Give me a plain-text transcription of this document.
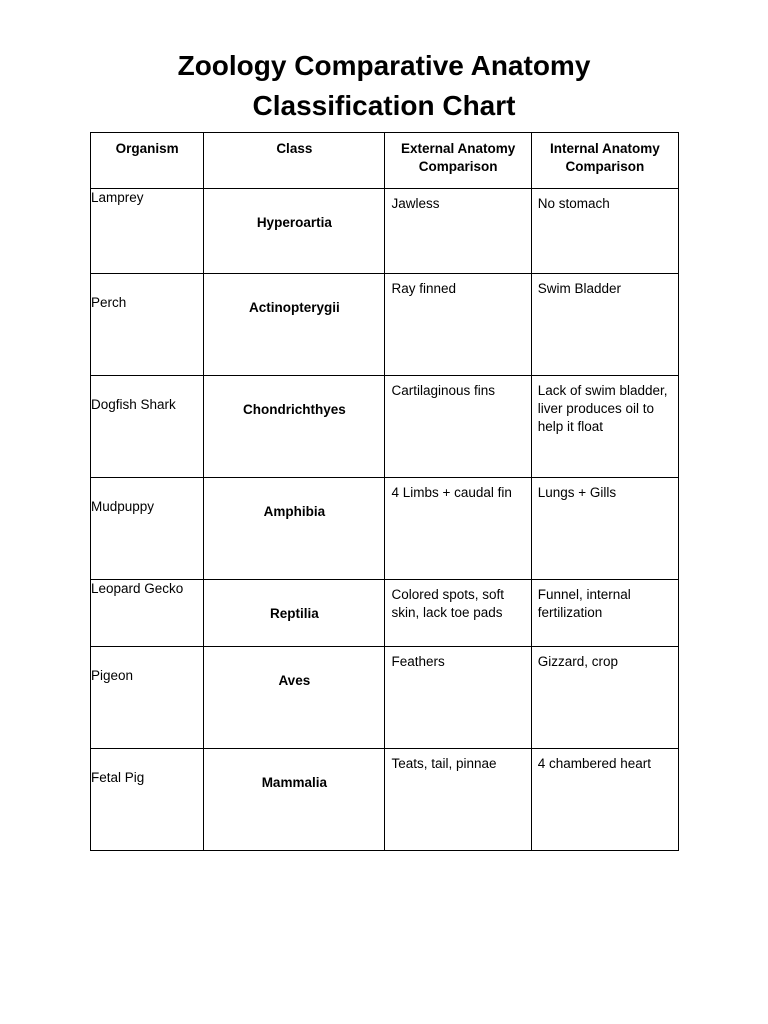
Zoology Comparative Anatomy
Classification Chart
Organism	Class	External Anatomy Comparison	Internal Anatomy Comparison

Lamprey	Hyperoartia	Jawless	No stomach

Perch	Actinopterygii	Ray finned	Swim Bladder

Dogfish Shark	Chondrichthyes	Cartilaginous fins	Lack of swim bladder, liver produces oil to help it float

Mudpuppy	Amphibia	4 Limbs + caudal fin	Lungs + Gills

Leopard Gecko	Reptilia	Colored spots, soft skin, lack toe pads	Funnel, internal fertilization

Pigeon	Aves	Feathers	Gizzard, crop

Fetal Pig	Mammalia	Teats, tail, pinnae	4 chambered heart
